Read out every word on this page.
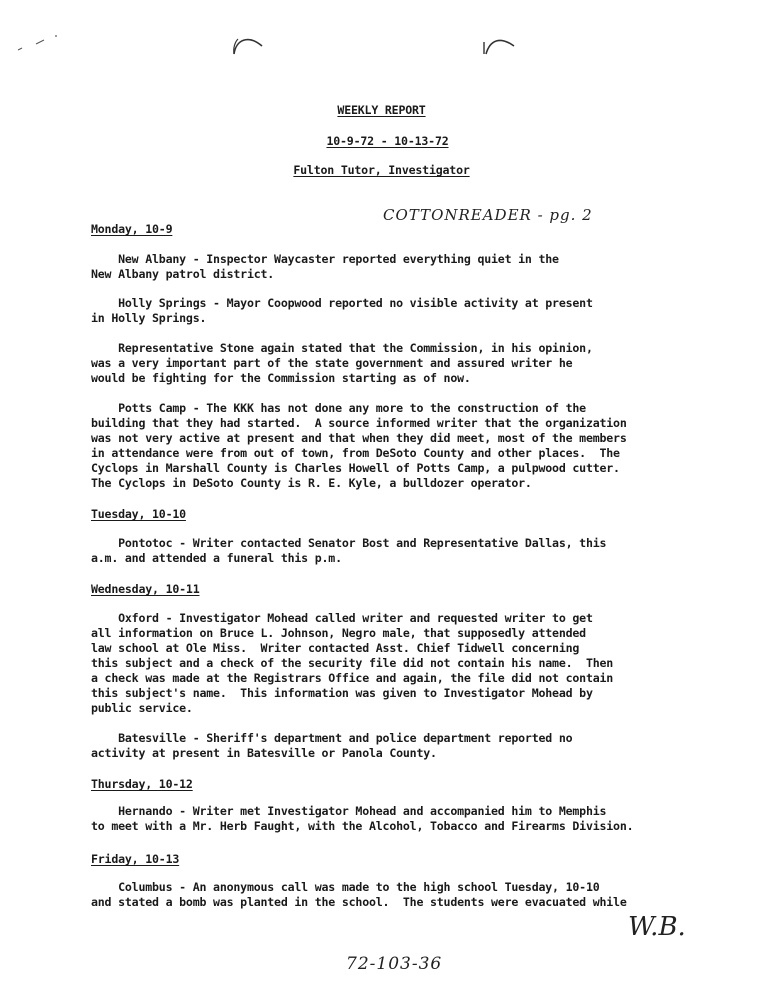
WEEKLY REPORT
10-9-72 - 10-13-72
Fulton Tutor, Investigator
COTTONREADER - pg. 2
Monday, 10-9
New Albany - Inspector Waycaster reported everything quiet in the
New Albany patrol district.
Holly Springs - Mayor Coopwood reported no visible activity at present
in Holly Springs.
Representative Stone again stated that the Commission, in his opinion,
was a very important part of the state government and assured writer he
would be fighting for the Commission starting as of now.
Potts Camp - The KKK has not done any more to the construction of the
building that they had started.  A source informed writer that the organization
was not very active at present and that when they did meet, most of the members
in attendance were from out of town, from DeSoto County and other places.  The
Cyclops in Marshall County is Charles Howell of Potts Camp, a pulpwood cutter.
The Cyclops in DeSoto County is R. E. Kyle, a bulldozer operator.
Tuesday, 10-10
Pontotoc - Writer contacted Senator Bost and Representative Dallas, this
a.m. and attended a funeral this p.m.
Wednesday, 10-11
Oxford - Investigator Mohead called writer and requested writer to get
all information on Bruce L. Johnson, Negro male, that supposedly attended
law school at Ole Miss.  Writer contacted Asst. Chief Tidwell concerning
this subject and a check of the security file did not contain his name.  Then
a check was made at the Registrars Office and again, the file did not contain
this subject's name.  This information was given to Investigator Mohead by
public service.
Batesville - Sheriff's department and police department reported no
activity at present in Batesville or Panola County.
Thursday, 10-12
Hernando - Writer met Investigator Mohead and accompanied him to Memphis
to meet with a Mr. Herb Faught, with the Alcohol, Tobacco and Firearms Division.
Friday, 10-13
Columbus - An anonymous call was made to the high school Tuesday, 10-10
and stated a bomb was planted in the school.  The students were evacuated while
W.B.
72-103-36
